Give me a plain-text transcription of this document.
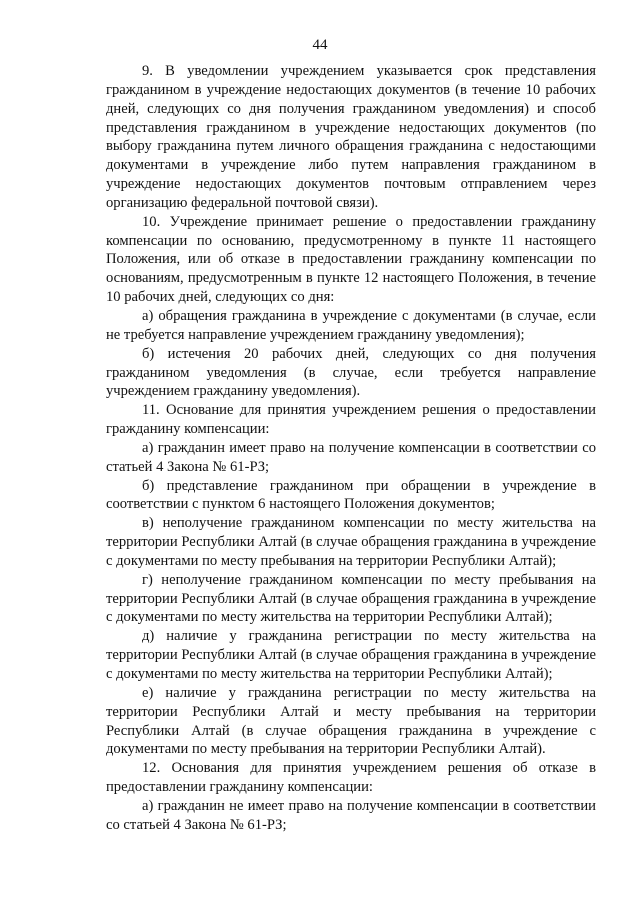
44

9. В уведомлении учреждением указывается срок представления гражданином в учреждение недостающих документов (в течение 10 рабочих дней, следующих со дня получения гражданином уведомления) и способ представления гражданином в учреждение недостающих документов (по выбору гражданина путем личного обращения гражданина с недостающими документами в учреждение либо путем направления гражданином в учреждение недостающих документов почтовым отправлением через организацию федеральной почтовой связи).

10. Учреждение принимает решение о предоставлении гражданину компенсации по основанию, предусмотренному в пункте 11 настоящего Положения, или об отказе в предоставлении гражданину компенсации по основаниям, предусмотренным в пункте 12 настоящего Положения, в течение 10 рабочих дней, следующих со дня:

а) обращения гражданина в учреждение с документами (в случае, если не требуется направление учреждением гражданину уведомления);

б) истечения 20 рабочих дней, следующих со дня получения гражданином уведомления (в случае, если требуется направление учреждением гражданину уведомления).

11. Основание для принятия учреждением решения о предоставлении гражданину компенсации:

а) гражданин имеет право на получение компенсации в соответствии со статьей 4 Закона № 61-РЗ;

б) представление гражданином при обращении в учреждение в соответствии с пунктом 6 настоящего Положения документов;

в) неполучение гражданином компенсации по месту жительства на территории Республики Алтай (в случае обращения гражданина в учреждение с документами по месту пребывания на территории Республики Алтай);

г) неполучение гражданином компенсации по месту пребывания на территории Республики Алтай (в случае обращения гражданина в учреждение с документами по месту жительства на территории Республики Алтай);

д) наличие у гражданина регистрации по месту жительства на территории Республики Алтай (в случае обращения гражданина в учреждение с документами по месту жительства на территории Республики Алтай);

е) наличие у гражданина регистрации по месту жительства на территории Республики Алтай и месту пребывания на территории Республики Алтай (в случае обращения гражданина в учреждение с документами по месту пребывания на территории Республики Алтай).

12. Основания для принятия учреждением решения об отказе в предоставлении гражданину компенсации:

а) гражданин не имеет право на получение компенсации в соответствии со статьей 4 Закона № 61-РЗ;
